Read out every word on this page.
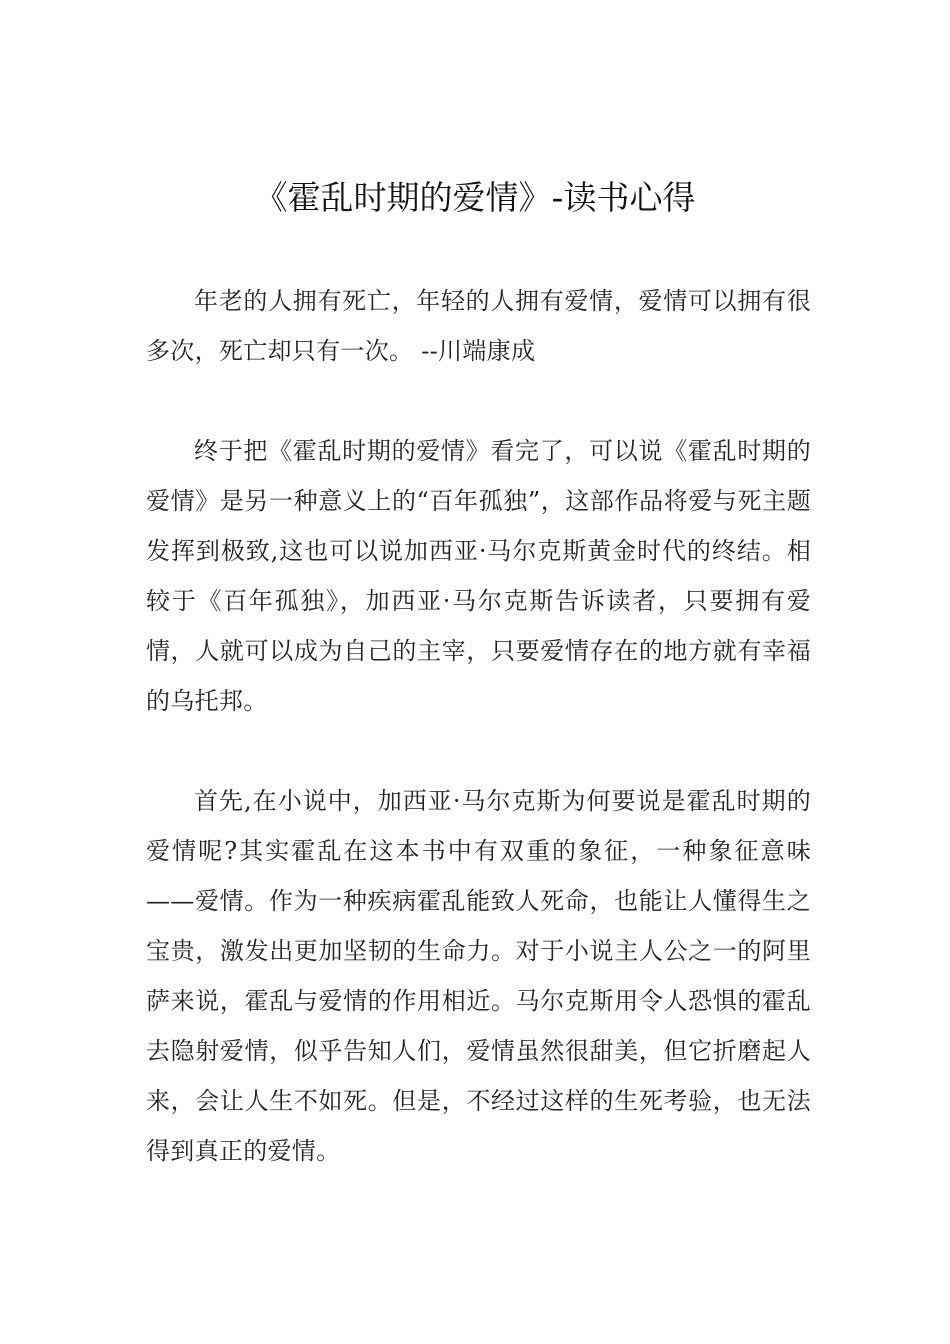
《霍乱时期的爱情》-读书心得

年老的人拥有死亡，年轻的人拥有爱情，爱情可以拥有很多次，死亡却只有一次。 --川端康成

终于把《霍乱时期的爱情》看完了，可以说《霍乱时期的爱情》是另一种意义上的“百年孤独”，这部作品将爱与死主题发挥到极致,这也可以说加西亚·马尔克斯黄金时代的终结。相较于《百年孤独》，加西亚·马尔克斯告诉读者，只要拥有爱情，人就可以成为自己的主宰，只要爱情存在的地方就有幸福的乌托邦。

首先,在小说中，加西亚·马尔克斯为何要说是霍乱时期的爱情呢?其实霍乱在这本书中有双重的象征，一种象征意味——爱情。作为一种疾病霍乱能致人死命，也能让人懂得生之宝贵，激发出更加坚韧的生命力。对于小说主人公之一的阿里萨来说，霍乱与爱情的作用相近。马尔克斯用令人恐惧的霍乱去隐射爱情，似乎告知人们，爱情虽然很甜美，但它折磨起人来，会让人生不如死。但是，不经过这样的生死考验，也无法得到真正的爱情。
